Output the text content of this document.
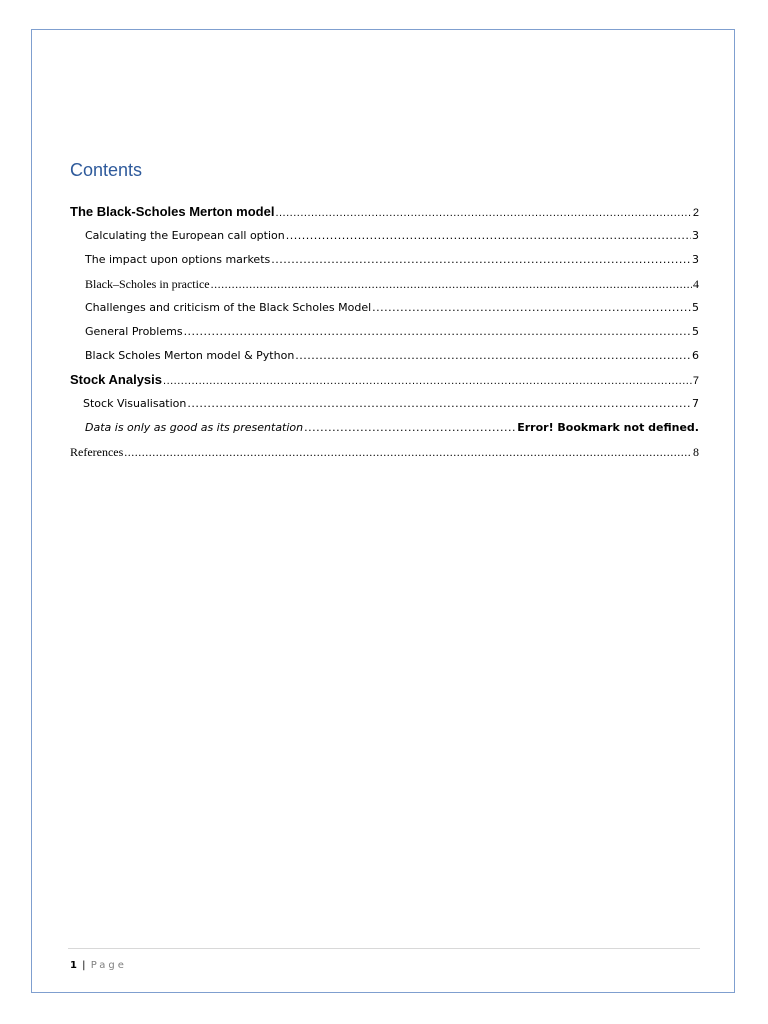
Contents
The Black-Scholes Merton model .....	2
Calculating the European call option .....	3
The impact upon options markets .....	3
Black–Scholes in practice .....	4
Challenges and criticism of the Black Scholes Model .....	5
General Problems .....	5
Black Scholes Merton model & Python .....	6
Stock Analysis .....	7
Stock Visualisation .....	7
Data is only as good as its presentation .....	Error! Bookmark not defined.
References .....	8
1 | Page
